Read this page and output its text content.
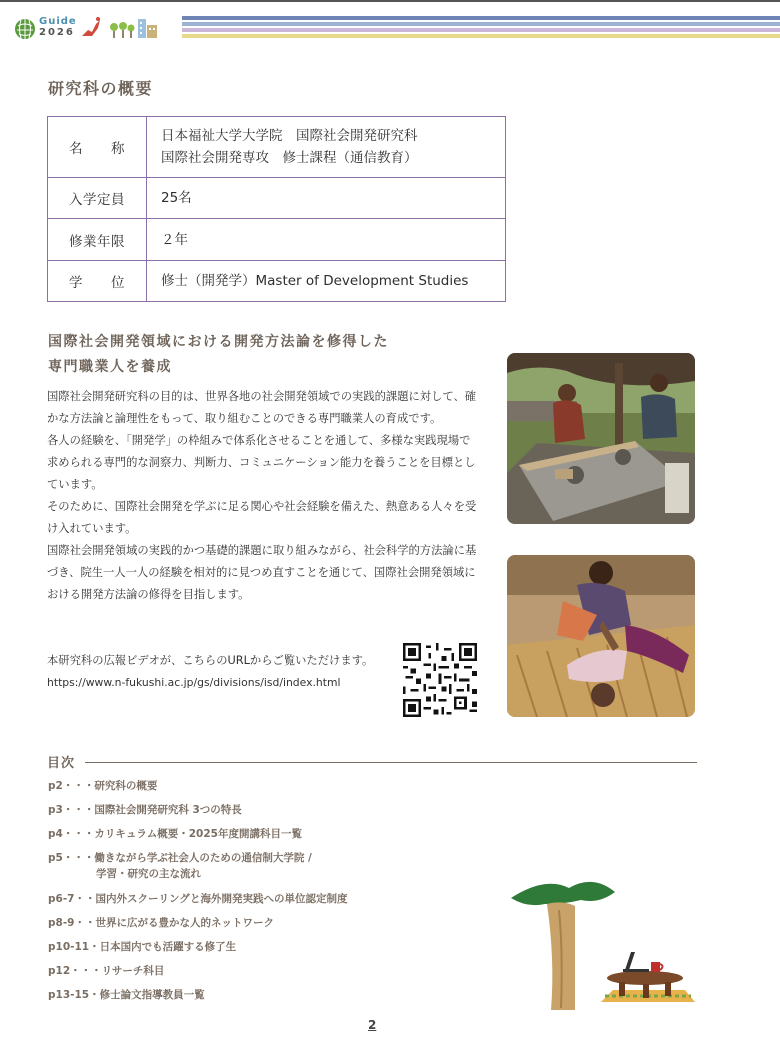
Guide
2026
研究科の概要
名　　称	日本福祉大学大学院　国際社会開発研究科
国際社会開発専攻　修士課程（通信教育）

入学定員	25名
修業年限	２年
学　　位	修士（開発学）Master of Development Studies
国際社会開発領域における開発方法論を修得した
専門職業人を養成

国際社会開発研究科の目的は、世界各地の社会開発領域での実践的課題に対して、確かな方法論と論理性をもって、取り組むことのできる専門職業人の育成です。

各人の経験を、「開発学」の枠組みで体系化させることを通して、多様な実践現場で求められる専門的な洞察力、判断力、コミュニケーション能力を養うことを目標としています。

そのために、国際社会開発を学ぶに足る関心や社会経験を備えた、熱意ある人々を受け入れています。

国際社会開発領域の実践的かつ基礎的課題に取り組みながら、社会科学的方法論に基づき、院生一人一人の経験を相対的に見つめ直すことを通じて、国際社会開発領域における開発方法論の修得を目指します。

本研究科の広報ビデオが、こちらのURLからご覧いただけます。

https://www.n-fukushi.ac.jp/gs/divisions/isd/index.html

目次
p2・・・研究科の概要
p3・・・国際社会開発研究科 3つの特長
p4・・・カリキュラム概要・2025年度開講科目一覧
p5・・・働きながら学ぶ社会人のための通信制大学院 /
学習・研究の主な流れ
p6-7・・国内外スクーリングと海外開発実践への単位認定制度
p8-9・・世界に広がる豊かな人的ネットワーク
p10-11・日本国内でも活躍する修了生
p12・・・リサーチ科目
p13-15・修士論文指導教員一覧
2
